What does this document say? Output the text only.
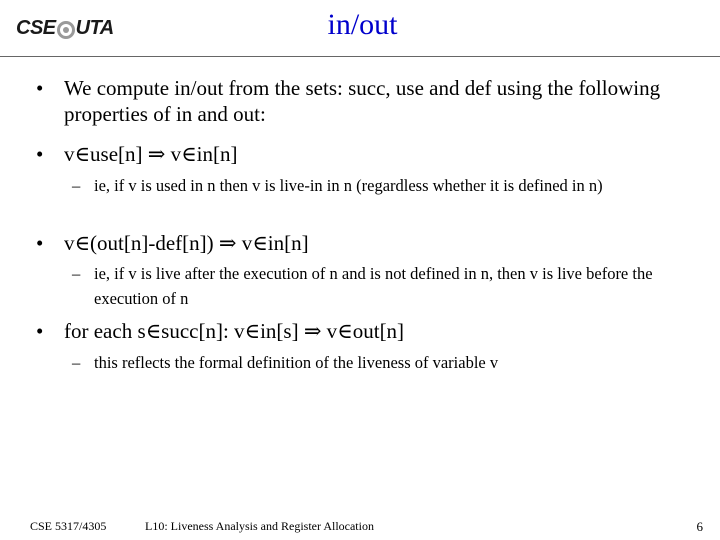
CSE UTA	in/out
• We compute in/out from the sets: succ, use and def using the following properties of in and out:
• v∈use[n] ⇒ v∈in[n]
– ie, if v is used in n then v is live-in in n (regardless whether it is defined in n)
• v∈(out[n]-def[n]) ⇒ v∈in[n]
– ie, if v is live after the execution of n and is not defined in n, then v is live before the execution of n
• for each s∈succ[n]: v∈in[s] ⇒ v∈out[n]
– this reflects the formal definition of the liveness of variable v
CSE 5317/4305	L10: Liveness Analysis and Register Allocation	6
